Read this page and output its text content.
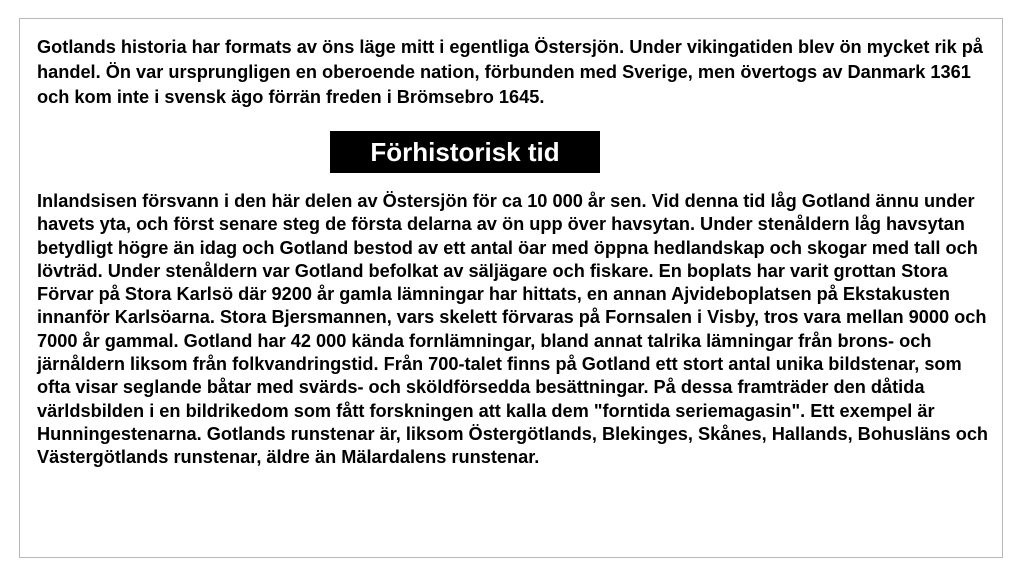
Gotlands historia har formats av öns läge mitt i egentliga Östersjön. Under vikingatiden blev ön mycket rik på handel. Ön var ursprungligen en oberoende nation, förbunden med Sverige, men övertogs av Danmark 1361 och kom inte i svensk ägo förrän freden i Brömsebro 1645.

Förhistorisk tid

Inlandsisen försvann i den här delen av Östersjön för ca 10 000 år sen. Vid denna tid låg Gotland ännu under havets yta, och först senare steg de första delarna av ön upp över havsytan. Under stenåldern låg havsytan betydligt högre än idag och Gotland bestod av ett antal öar med öppna hedlandskap och skogar med tall och lövträd. Under stenåldern var Gotland befolkat av säljägare och fiskare. En boplats har varit grottan Stora Förvar på Stora Karlsö där 9200 år gamla lämningar har hittats, en annan Ajvideboplatsen på Ekstakusten innanför Karlsöarna. Stora Bjersmannen, vars skelett förvaras på Fornsalen i Visby, tros vara mellan 9000 och 7000 år gammal. Gotland har 42 000 kända fornlämningar, bland annat talrika lämningar från brons- och järnåldern liksom från folkvandringstid. Från 700-talet finns på Gotland ett stort antal unika bildstenar, som ofta visar seglande båtar med svärds- och sköldförsedda besättningar. På dessa framträder den dåtida världsbilden i en bildrikedom som fått forskningen att kalla dem "forntida seriemagasin". Ett exempel är Hunningestenarna. Gotlands runstenar är, liksom Östergötlands, Blekinges, Skånes, Hallands, Bohusläns och Västergötlands runstenar, äldre än Mälardalens runstenar.
